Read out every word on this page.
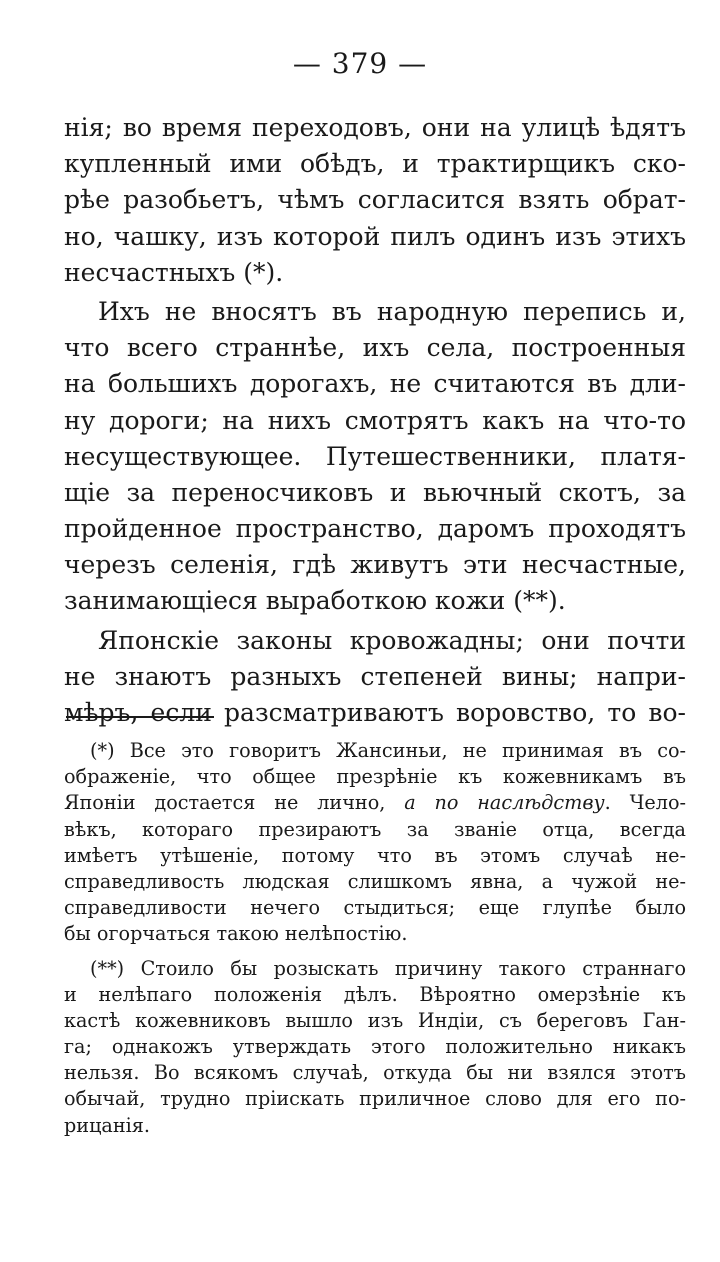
— 379 —
нія; во время переходовъ, они на улицѣ ѣдятъ
купленный ими обѣдъ, и трактирщикъ ско-
рѣе разобьетъ, чѣмъ согласится взять обрат-
но, чашку, изъ которой пилъ одинъ изъ этихъ
несчастныхъ (*).
Ихъ не вносятъ въ народную перепись и,
что всего страннѣе, ихъ села, построенныя
на большихъ дорогахъ, не считаются въ дли-
ну дороги; на нихъ смотрятъ какъ на что-то
несуществующее. Путешественники, платя-
щіе за переносчиковъ и вьючный скотъ, за
пройденное пространство, даромъ проходятъ
черезъ селенія, гдѣ живутъ эти несчастные,
занимающіеся выработкою кожи (**).
Японскіе законы кровожадны; они почти
не знаютъ разныхъ степеней вины; напри-
мѣръ, если разсматриваютъ воровство, то во-
(*) Все это говоритъ Жансиньи, не принимая въ со-
ображеніе, что общее презрѣніе къ кожевникамъ въ
Японіи достается не лично, а по наслѣдству. Чело-
вѣкъ, котораго презираютъ за званіе отца, всегда
имѣетъ утѣшеніе, потому что въ этомъ случаѣ не-
справедливость людская слишкомъ явна, а чужой не-
справедливости нечего стыдиться; еще глупѣе было
бы огорчаться такою нелѣпостію.
(**) Стоило бы розыскать причину такого страннаго
и нелѣпаго положенія дѣлъ. Вѣроятно омерзѣніе къ
кастѣ кожевниковъ вышло изъ Индіи, съ береговъ Ган-
га; однакожъ утверждать этого положительно никакъ
нельзя. Во всякомъ случаѣ, откуда бы ни взялся этотъ
обычай, трудно пріискать приличное слово для его по-
рицанія.
